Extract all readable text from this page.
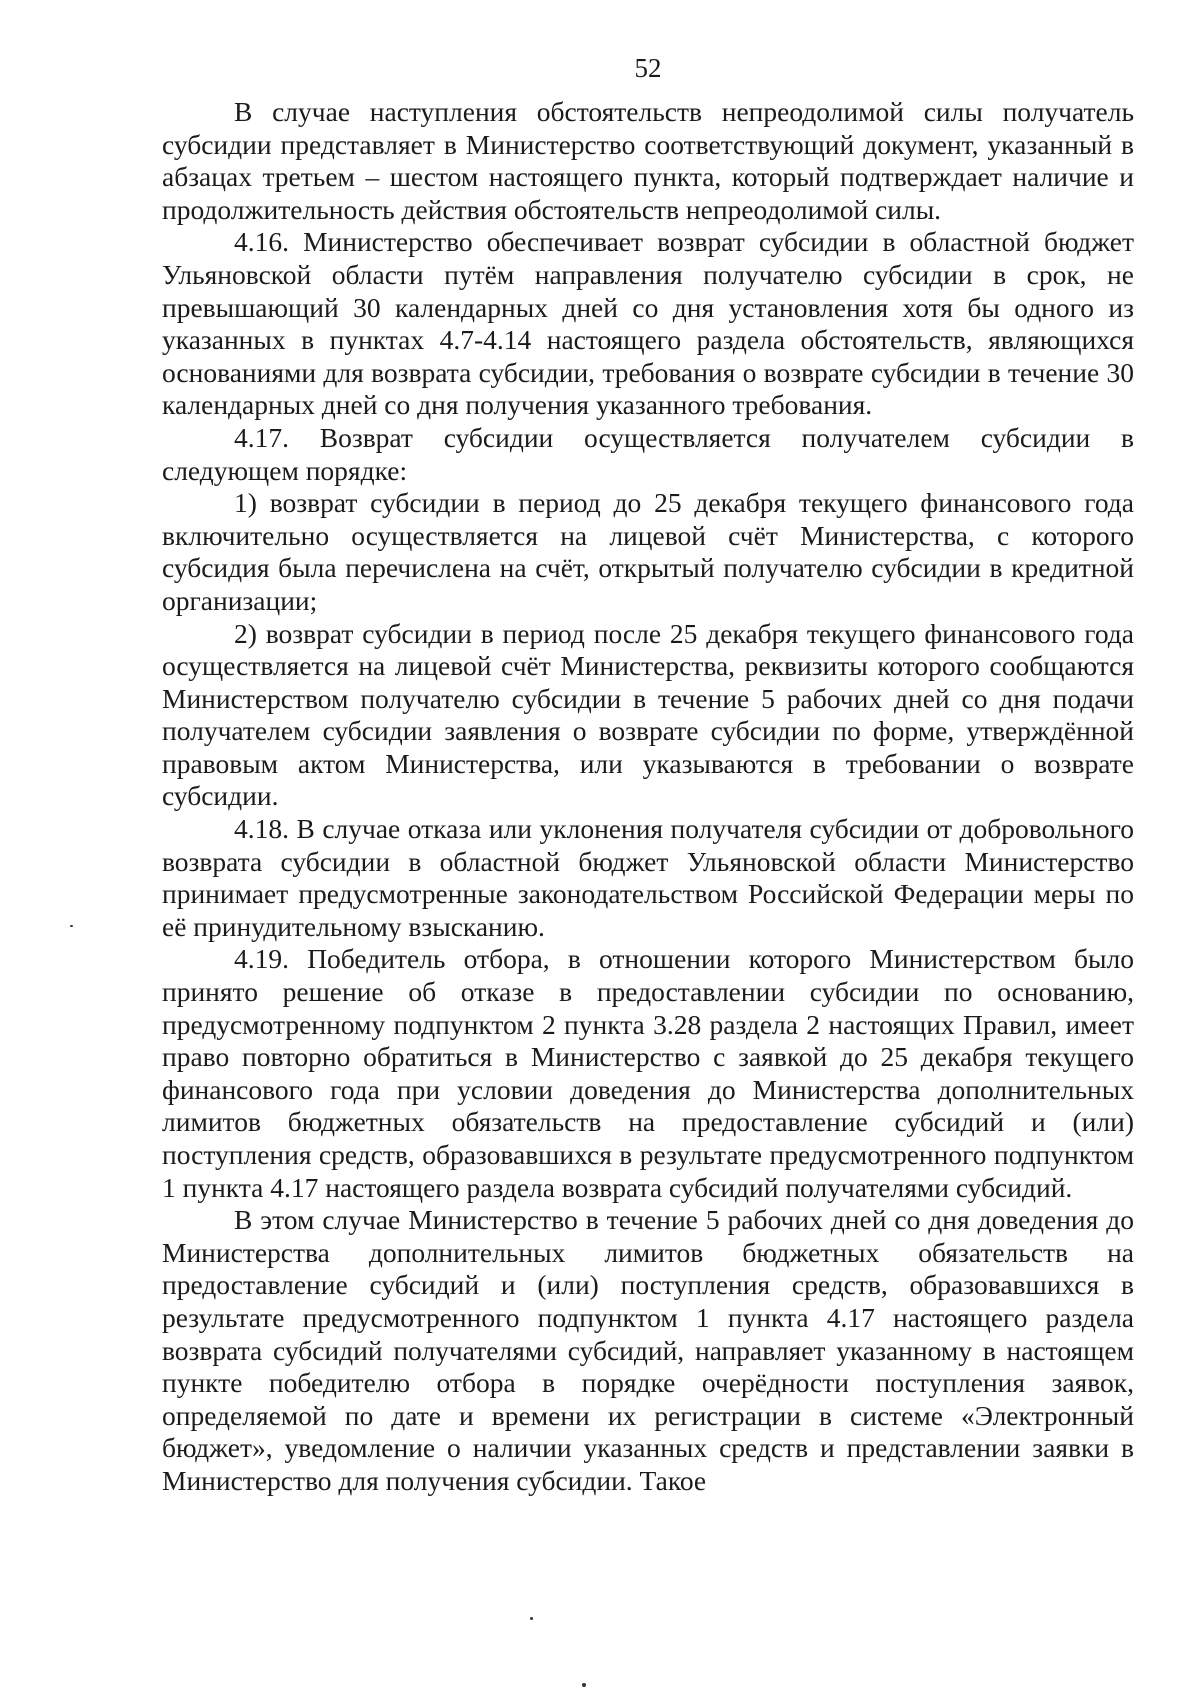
52

В случае наступления обстоятельств непреодолимой силы получатель субсидии представляет в Министерство соответствующий документ, указанный в абзацах третьем – шестом настоящего пункта, который подтверждает наличие и продолжительность действия обстоятельств непреодолимой силы.

4.16. Министерство обеспечивает возврат субсидии в областной бюджет Ульяновской области путём направления получателю субсидии в срок, не превышающий 30 календарных дней со дня установления хотя бы одного из указанных в пунктах 4.7-4.14 настоящего раздела обстоятельств, являющихся основаниями для возврата субсидии, требования о возврате субсидии в течение 30 календарных дней со дня получения указанного требования.

4.17. Возврат субсидии осуществляется получателем субсидии в следующем порядке:

1) возврат субсидии в период до 25 декабря текущего финансового года включительно осуществляется на лицевой счёт Министерства, с которого субсидия была перечислена на счёт, открытый получателю субсидии в кредитной организации;

2) возврат субсидии в период после 25 декабря текущего финансового года осуществляется на лицевой счёт Министерства, реквизиты которого сообщаются Министерством получателю субсидии в течение 5 рабочих дней со дня подачи получателем субсидии заявления о возврате субсидии по форме, утверждённой правовым актом Министерства, или указываются в требовании о возврате субсидии.

4.18. В случае отказа или уклонения получателя субсидии от добровольного возврата субсидии в областной бюджет Ульяновской области Министерство принимает предусмотренные законодательством Российской Федерации меры по её принудительному взысканию.

4.19. Победитель отбора, в отношении которого Министерством было принято решение об отказе в предоставлении субсидии по основанию, предусмотренному подпунктом 2 пункта 3.28 раздела 2 настоящих Правил, имеет право повторно обратиться в Министерство с заявкой до 25 декабря текущего финансового года при условии доведения до Министерства дополнительных лимитов бюджетных обязательств на предоставление субсидий и (или) поступления средств, образовавшихся в результате предусмотренного подпунктом 1 пункта 4.17 настоящего раздела возврата субсидий получателями субсидий.

В этом случае Министерство в течение 5 рабочих дней со дня доведения до Министерства дополнительных лимитов бюджетных обязательств на предоставление субсидий и (или) поступления средств, образовавшихся в результате предусмотренного подпунктом 1 пункта 4.17 настоящего раздела возврата субсидий получателями субсидий, направляет указанному в настоящем пункте победителю отбора в порядке очерёдности поступления заявок, определяемой по дате и времени их регистрации в системе «Электронный бюджет», уведомление о наличии указанных средств и представлении заявки в Министерство для получения субсидии. Такое
